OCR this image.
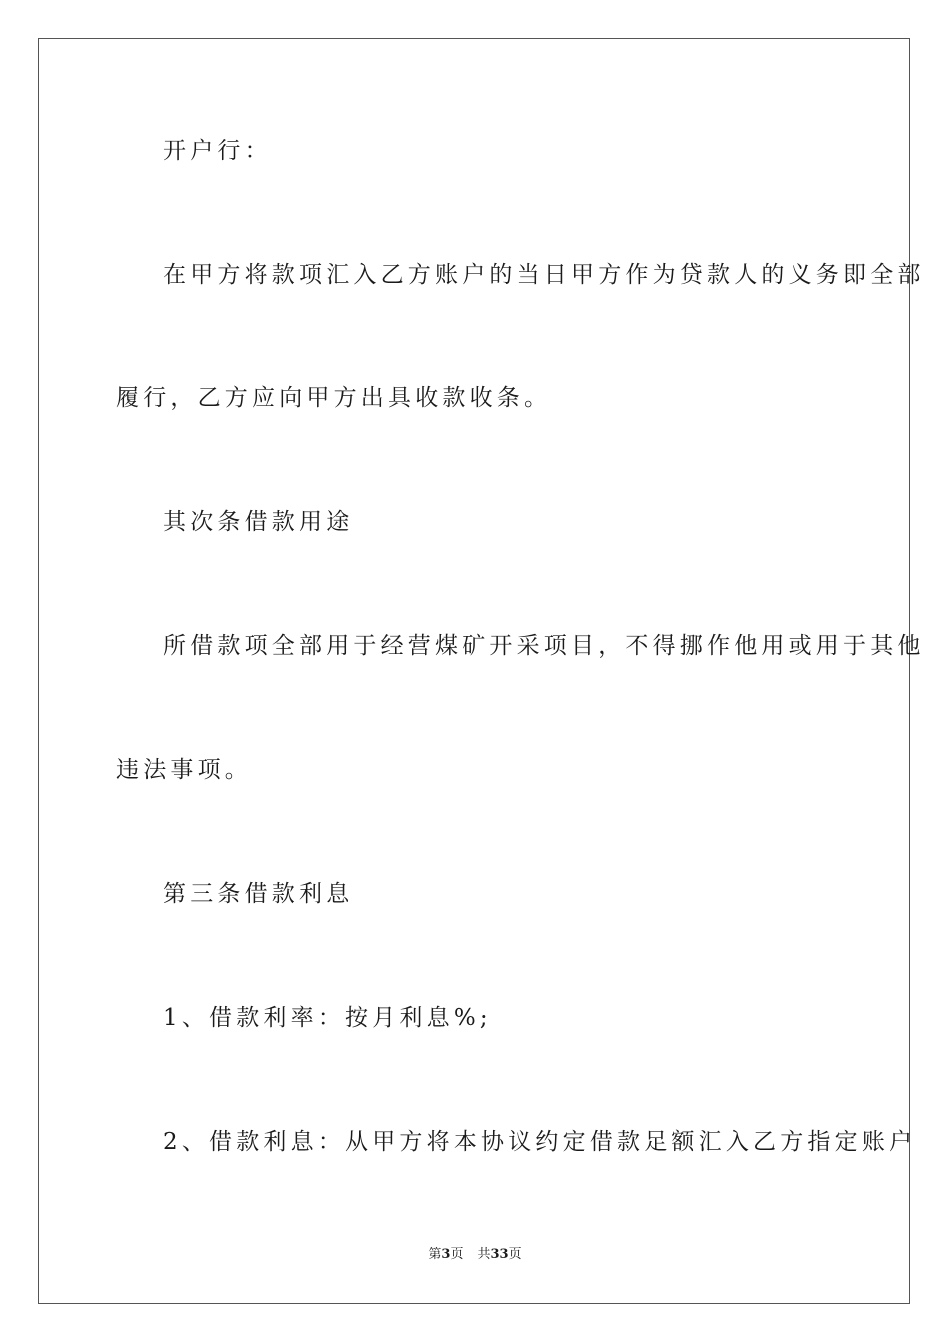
开户行：
在甲方将款项汇入乙方账户的当日甲方作为贷款人的义务即全部
履行，乙方应向甲方出具收款收条。
其次条借款用途
所借款项全部用于经营煤矿开采项目，不得挪作他用或用于其他
违法事项。
第三条借款利息
1、借款利率：按月利息%;
2、借款利息：从甲方将本协议约定借款足额汇入乙方指定账户
第3页 共33页
